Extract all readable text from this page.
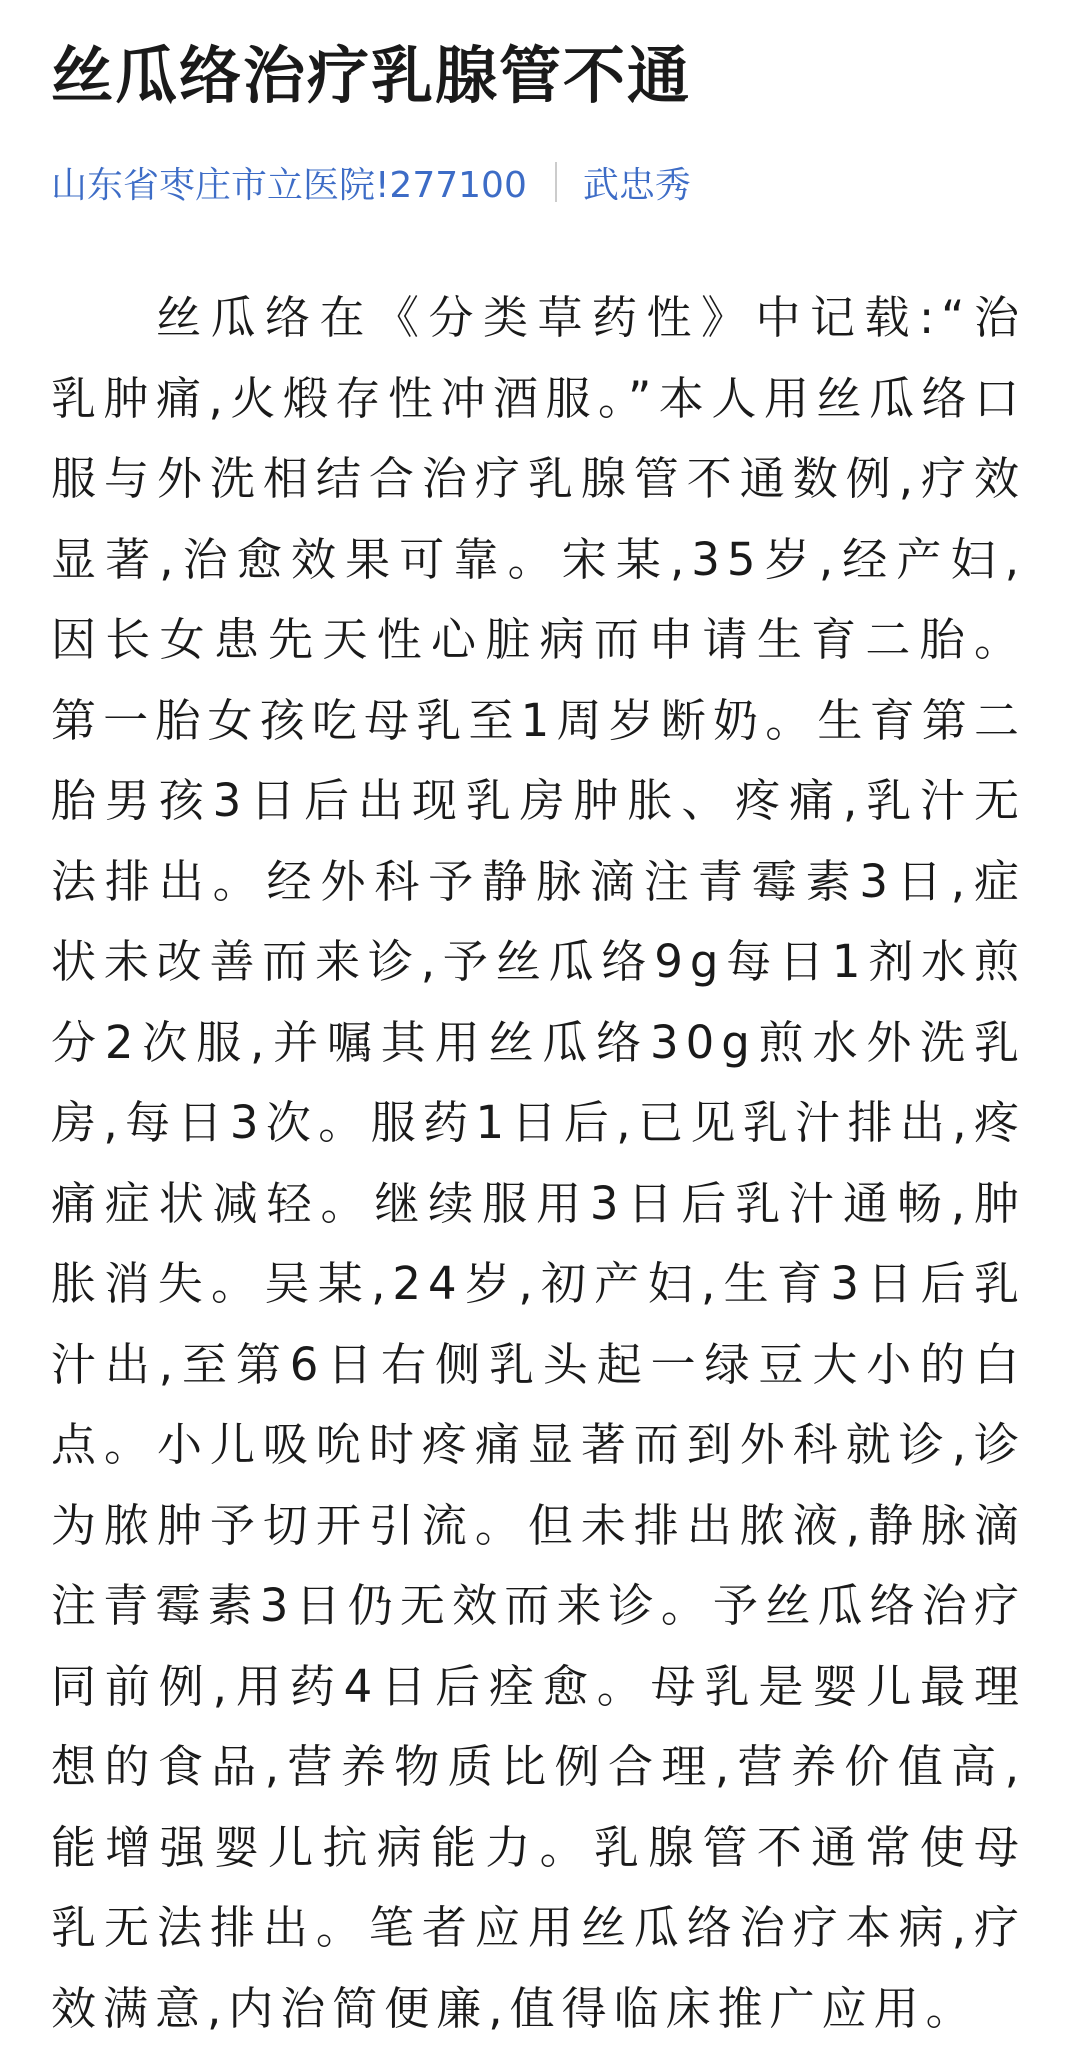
丝瓜络治疗乳腺管不通
山东省枣庄市立医院!277100 武忠秀

丝瓜络在《分类草药性》中记载:“治乳肿痛,火煅存性冲酒服。”本人用丝瓜络口服与外洗相结合治疗乳腺管不通数例,疗效显著,治愈效果可靠。宋某,35岁,经产妇,因长女患先天性心脏病而申请生育二胎。第一胎女孩吃母乳至1周岁断奶。生育第二胎男孩3日后出现乳房肿胀、疼痛,乳汁无法排出。经外科予静脉滴注青霉素3日,症状未改善而来诊,予丝瓜络9g每日1剂水煎分2次服,并嘱其用丝瓜络30g煎水外洗乳房,每日3次。服药1日后,已见乳汁排出,疼痛症状减轻。继续服用3日后乳汁通畅,肿胀消失。吴某,24岁,初产妇,生育3日后乳汁出,至第6日右侧乳头起一绿豆大小的白点。小儿吸吮时疼痛显著而到外科就诊,诊为脓肿予切开引流。但未排出脓液,静脉滴注青霉素3日仍无效而来诊。予丝瓜络治疗同前例,用药4日后痊愈。母乳是婴儿最理想的食品,营养物质比例合理,营养价值高,能增强婴儿抗病能力。乳腺管不通常使母乳无法排出。笔者应用丝瓜络治疗本病,疗效满意,内治简便廉,值得临床推广应用。
